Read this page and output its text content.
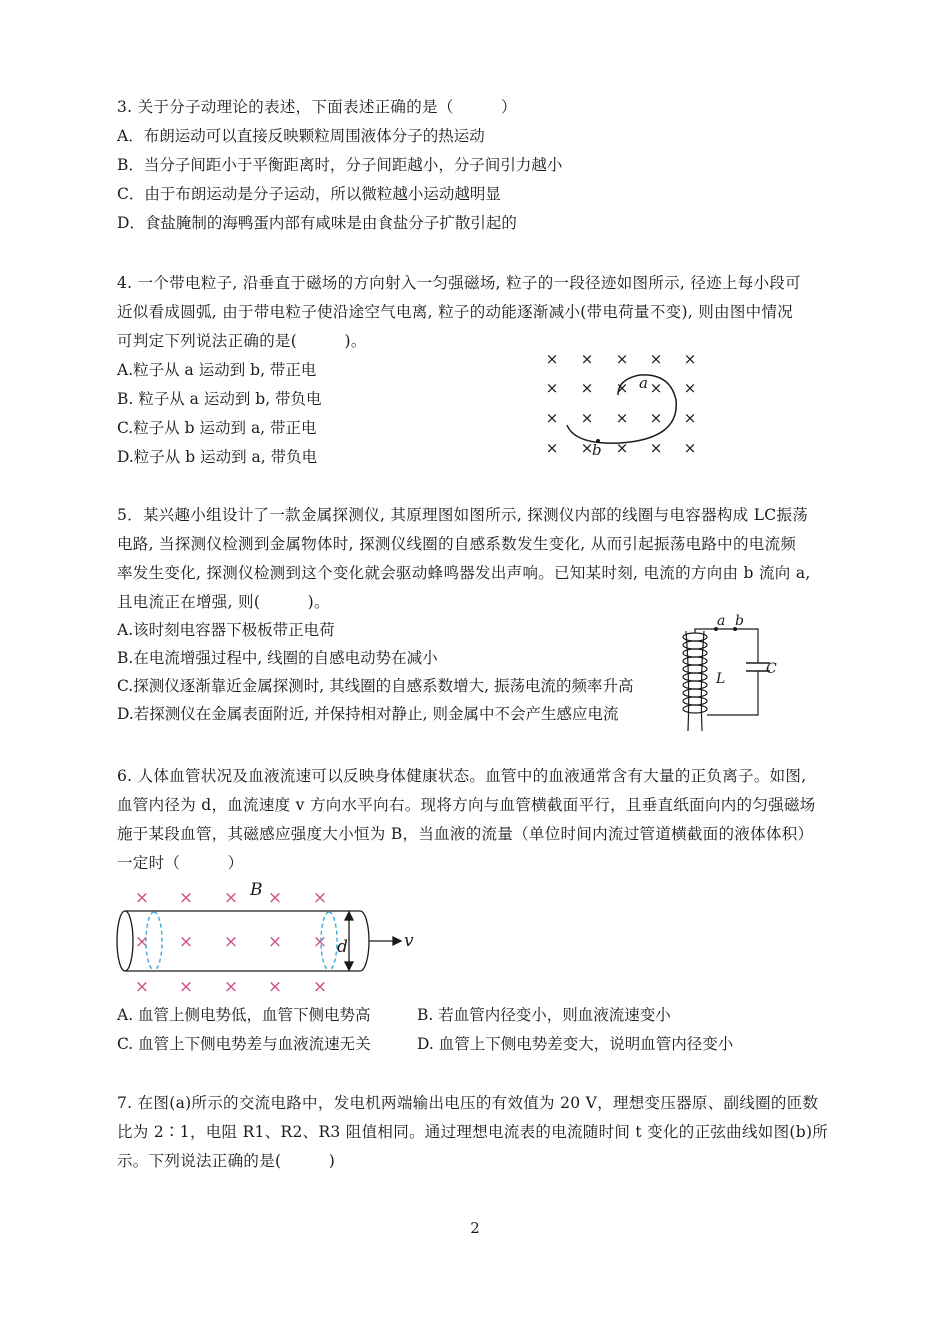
3. 关于分子动理论的表述，下面表述正确的是（　　　）
A．布朗运动可以直接反映颗粒周围液体分子的热运动
B．当分子间距小于平衡距离时，分子间距越小，分子间引力越小
C．由于布朗运动是分子运动，所以微粒越小运动越明显
D．食盐腌制的海鸭蛋内部有咸味是由食盐分子扩散引起的
4. 一个带电粒子, 沿垂直于磁场的方向射入一匀强磁场, 粒子的一段径迹如图所示, 径迹上每小段可
近似看成圆弧, 由于带电粒子使沿途空气电离, 粒子的动能逐渐减小(带电荷量不变), 则由图中情况
可判定下列说法正确的是(　　　)。
A.粒子从 a 运动到 b, 带正电
B. 粒子从 a 运动到 b, 带负电
C.粒子从 b 运动到 a, 带正电
D.粒子从 b 运动到 a, 带负电
× × × × ×
× × × × ×
× × × × ×
× × × × ×
a
b
5．某兴趣小组设计了一款金属探测仪, 其原理图如图所示, 探测仪内部的线圈与电容器构成 LC振荡
电路, 当探测仪检测到金属物体时, 探测仪线圈的自感系数发生变化, 从而引起振荡电路中的电流频
率发生变化, 探测仪检测到这个变化就会驱动蜂鸣器发出声响。已知某时刻, 电流的方向由 b 流向 a,
且电流正在增强, 则(　　　)。
A.该时刻电容器下极板带正电荷
B.在电流增强过程中, 线圈的自感电动势在减小
C.探测仪逐渐靠近金属探测时, 其线圈的自感系数增大, 振荡电流的频率升高
D.若探测仪在金属表面附近, 并保持相对静止, 则金属中不会产生感应电流
a b
L
C
6. 人体血管状况及血液流速可以反映身体健康状态。血管中的血液通常含有大量的正负离子。如图,
血管内径为 d，血流速度 v 方向水平向右。现将方向与血管横截面平行，且垂直纸面向内的匀强磁场
施于某段血管，其磁感应强度大小恒为 B，当血液的流量（单位时间内流过管道横截面的液体体积）
一定时（　　　）
× × × × ×
× × × × ×
× × × × ×
B
d	v
A. 血管上侧电势低，血管下侧电势高	B. 若血管内径变小，则血液流速变小
C. 血管上下侧电势差与血液流速无关	D. 血管上下侧电势差变大，说明血管内径变小
7. 在图(a)所示的交流电路中，发电机两端输出电压的有效值为 20 V，理想变压器原、副线圈的匝数
比为 2∶1，电阻 R1、R2、R3 阻值相同。通过理想电流表的电流随时间 t 变化的正弦曲线如图(b)所
示。下列说法正确的是(　　　)
2
